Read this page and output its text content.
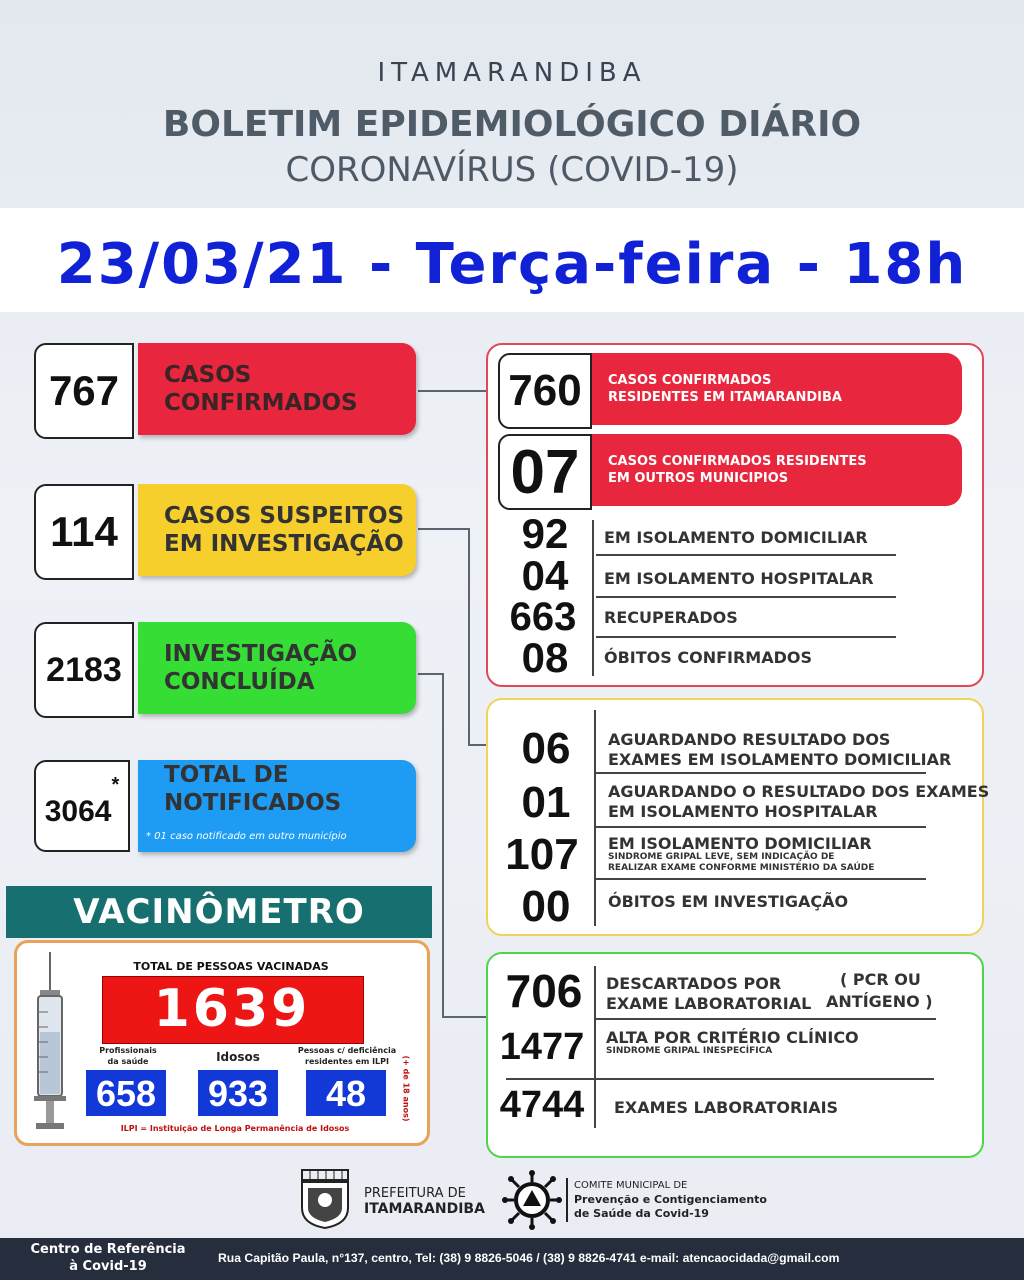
ITAMARANDIBA
BOLETIM EPIDEMIOLÓGICO DIÁRIO
CORONAVÍRUS (COVID-19)
23/03/21 - Terça-feira - 18h
767	CASOS
CONFIRMADOS
114	CASOS SUSPEITOS
EM INVESTIGAÇÃO
2183	INVESTIGAÇÃO
CONCLUÍDA
3064
* TOTAL DE
NOTIFICADOS
* 01 caso notificado em outro município
760	CASOS CONFIRMADOS
RESIDENTES EM ITAMARANDIBA
07	CASOS CONFIRMADOS RESIDENTES
EM OUTROS MUNICIPIOS
92	EM ISOLAMENTO DOMICILIAR
04	EM ISOLAMENTO HOSPITALAR
663	RECUPERADOS
08	ÓBITOS CONFIRMADOS
06	AGUARDANDO RESULTADO DOS
EXAMES EM ISOLAMENTO DOMICILIAR
01	AGUARDANDO O RESULTADO DOS EXAMES
EM ISOLAMENTO HOSPITALAR
107	EM ISOLAMENTO DOMICILIAR
SINDROME GRIPAL LEVE, SEM INDICAÇÃO DE
REALIZAR EXAME CONFORME MINISTÉRIO DA SAÚDE
00	ÓBITOS EM INVESTIGAÇÃO
706	DESCARTADOS POR
EXAME LABORATORIAL
( PCR OU
ANTÍGENO )
1477	ALTA POR CRITÉRIO CLÍNICO
SINDROME GRIPAL INESPECÍFICA
4744	EXAMES LABORATORIAIS
VACINÔMETRO
TOTAL DE PESSOAS VACINADAS
1639
Profissionais
da saúde
658
Idosos
933
Pessoas c/ deficiência
residentes em ILPI
48	(+ de 18 anos)
ILPI = Instituição de Longa Permanência de Idosos
PREFEITURA DE
ITAMARANDIBA
COMITE MUNICIPAL DE
Prevenção e Contigenciamento
de Saúde da Covid-19
Centro de Referência
à Covid-19
Rua Capitão Paula, n°137, centro, Tel: (38) 9 8826-5046 / (38) 9 8826-4741 e-mail: atencaocidada@gmail.com
